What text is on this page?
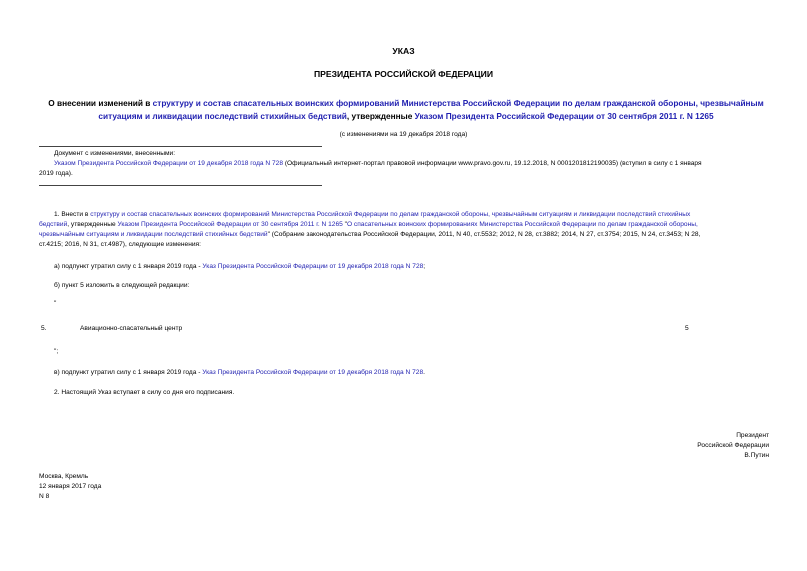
УКАЗ
ПРЕЗИДЕНТА РОССИЙСКОЙ ФЕДЕРАЦИИ
О внесении изменений в структуру и состав спасательных воинских формирований Министерства Российской Федерации по делам гражданской обороны, чрезвычайным ситуациям и ликвидации последствий стихийных бедствий, утвержденные Указом Президента Российской Федерации от 30 сентября 2011 г. N 1265
(с изменениями на 19 декабря 2018 года)
Документ с изменениями, внесенными:
Указом Президента Российской Федерации от 19 декабря 2018 года N 728 (Официальный интернет-портал правовой информации www.pravo.gov.ru, 19.12.2018, N 0001201812190035) (вступил в силу с 1 января
2019 года).
1. Внести в структуру и состав спасательных воинских формирований Министерства Российской Федерации по делам гражданской обороны, чрезвычайным ситуациям и ликвидации последствий стихийных
бедствий, утвержденные Указом Президента Российской Федерации от 30 сентября 2011 г. N 1265 "О спасательных воинских формированиях Министерства Российской Федерации по делам гражданской обороны,
чрезвычайным ситуациям и ликвидации последствий стихийных бедствий" (Собрание законодательства Российской Федерации, 2011, N 40, ст.5532; 2012, N 28, ст.3882; 2014, N 27, ст.3754; 2015, N 24, ст.3453; N 28,
ст.4215; 2016, N 31, ст.4987), следующие изменения:
а) подпункт утратил силу с 1 января 2019 года - Указ Президента Российской Федерации от 19 декабря 2018 года N 728;
б) пункт 5 изложить в следующей редакции:
"
5.	Авиационно-спасательный центр	5
";
в) подпункт утратил силу с 1 января 2019 года - Указ Президента Российской Федерации от 19 декабря 2018 года N 728.
2. Настоящий Указ вступает в силу со дня его подписания.
Президент
Российской Федерации
В.Путин
Москва, Кремль
12 января 2017 года
N 8
